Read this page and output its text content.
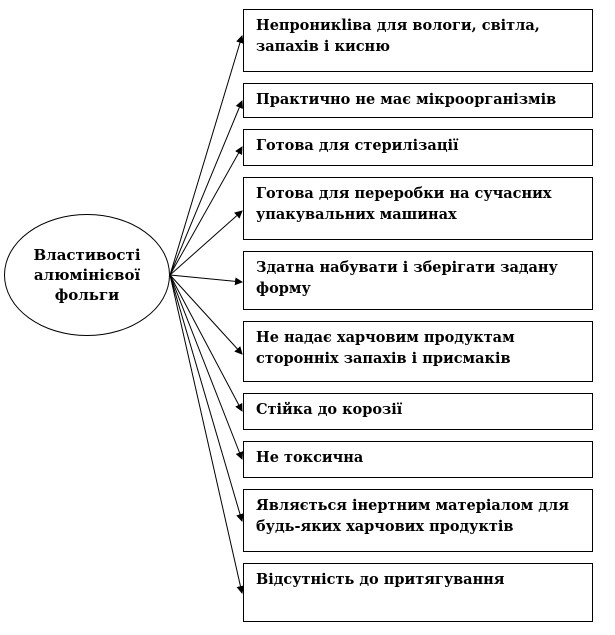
Властивості
алюмінієвої
фольги
Непроникliва для вологи, світла, запахів і кисню
Практично не має мікроорганізмів
Готова для стерилізації
Готова для переробки на сучасних упакувальних машинах
Здатна набувати і зберігати задану форму
Не надає харчовим продуктам сторонніх запахів і присмаків
Стійка до корозії
Не токсична
Являється інертним матеріалом для будь-яких харчових продуктів
Відсутність до притягування
